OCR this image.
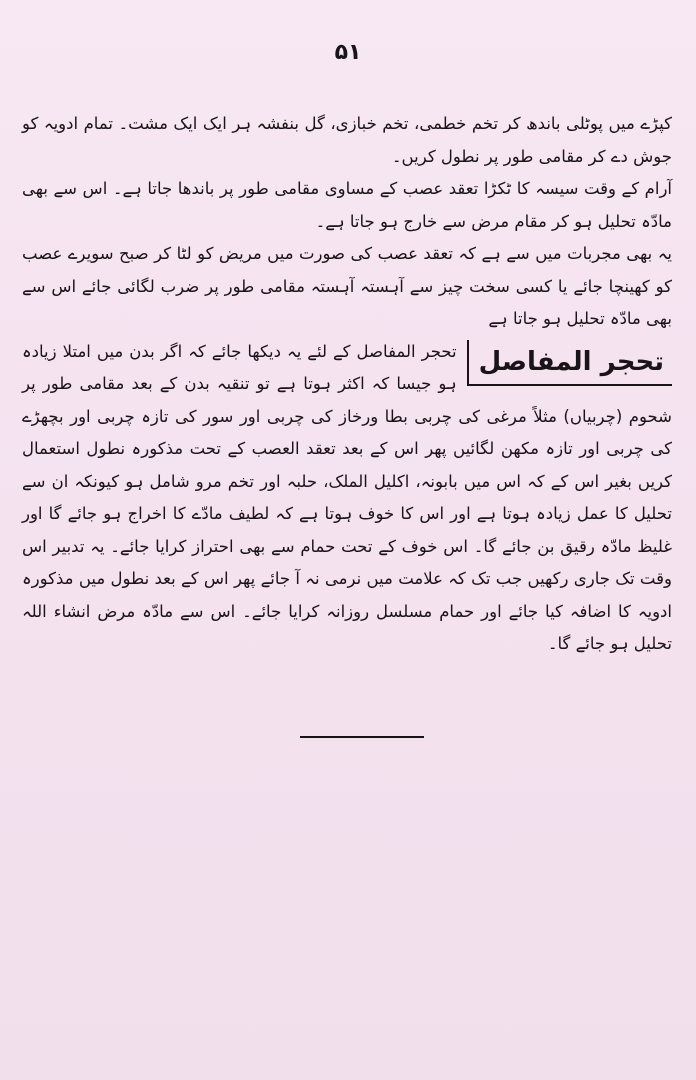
۵۱

کپڑے میں پوٹلی باندھ کر تخم خطمی، تخم خبازی، گل بنفشہ ہر ایک ایک مشت۔ تمام ادویہ کو جوش دے کر مقامی طور پر نطول کریں۔

آرام کے وقت سیسہ کا ٹکڑا تعقد عصب کے مساوی مقامی طور پر باندھا جاتا ہے۔ اس سے بھی مادّہ تحلیل ہو کر مقام مرض سے خارج ہو جاتا ہے۔

یہ بھی مجربات میں سے ہے کہ تعقد عصب کی صورت میں مریض کو لٹا کر صبح سویرے عصب کو کھینچا جائے یا کسی سخت چیز سے آہستہ آہستہ مقامی طور پر ضرب لگائی جائے اس سے بھی مادّہ تحلیل ہو جاتا ہے

تحجر المفاصل

تحجر المفاصل کے لئے یہ دیکھا جائے کہ اگر بدن میں امتلا زیادہ ہو جیسا کہ اکثر ہوتا ہے تو تنقیہ بدن کے بعد مقامی طور پر شحوم (چربیاں) مثلاً مرغی کی چربی بطا ورخاز کی چربی اور سور کی تازہ چربی اور بچھڑے کی چربی اور تازہ مکھن لگائیں پھر اس کے بعد تعقد العصب کے تحت مذکورہ نطول استعمال کریں بغیر اس کے کہ اس میں بابونہ، اکلیل الملک، حلبہ اور تخم مرو شامل ہو کیونکہ ان سے تحلیل کا عمل زیادہ ہوتا ہے اور اس کا خوف ہوتا ہے کہ لطیف مادّے کا اخراج ہو جائے گا اور غلیظ مادّہ رقیق بن جائے گا۔ اس خوف کے تحت حمام سے بھی احتراز کرایا جائے۔ یہ تدبیر اس وقت تک جاری رکھیں جب تک کہ علامت میں نرمی نہ آ جائے پھر اس کے بعد نطول میں مذکورہ ادویہ کا اضافہ کیا جائے اور حمام مسلسل روزانہ کرایا جائے۔ اس سے مادّہ مرض انشاء اللہ تحلیل ہو جائے گا۔
